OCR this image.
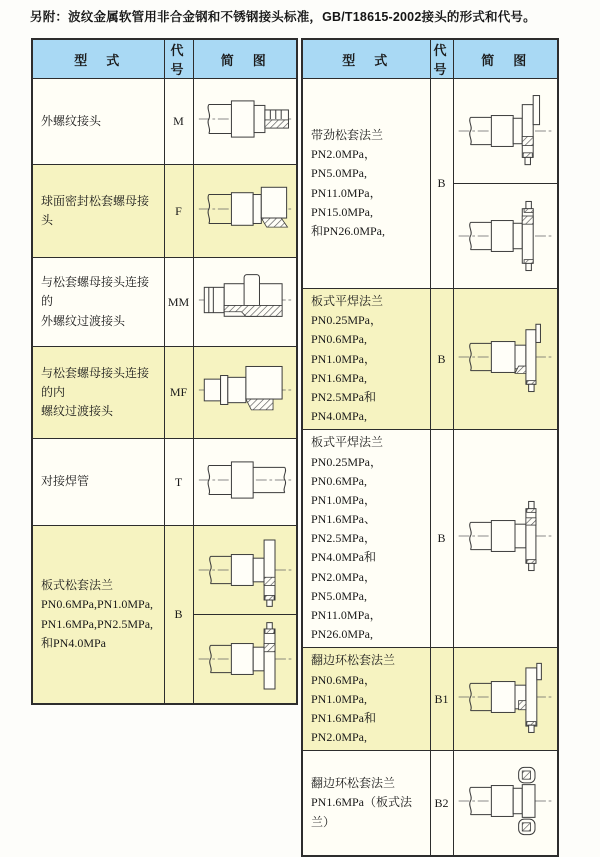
另附：波纹金属软管用非合金钢和不锈钢接头标准，GB/T18615-2002接头的形式和代号。
型　式	代号	简　图
外螺纹接头	M	
球面密封松套螺母接头	F	
与松套螺母接头连接的
外螺纹过渡接头	MM	
与松套螺母接头连接的内
螺纹过渡接头	MF	
对接焊管	T	
板式松套法兰
PN0.6MPa,PN1.0MPa,
PN1.6MPa,PN2.5MPa,
和PN4.0MPa	B	
型　式	代号	简　图
带劲松套法兰
PN2.0MPa，PN5.0MPa,
PN11.0MPa，PN15.0MPa,
和PN26.0MPa,	B	

板式平焊法兰
PN0.25MPa，PN0.6MPa,
PN1.0MPa，PN1.6MPa,
PN2.5MPa和PN4.0MPa,	B	
板式平焊法兰
PN0.25MPa，PN0.6MPa,
PN1.0MPa，PN1.6MPa、
PN2.5MPa，PN4.0MPa和
PN2.0MPa，PN5.0MPa,
PN11.0MPa，PN26.0MPa,	B	
翻边环松套法兰
PN0.6MPa，PN1.0MPa,
PN1.6MPa和PN2.0MPa,	B1	
翻边环松套法兰
PN1.6MPa（板式法兰）	B2	
